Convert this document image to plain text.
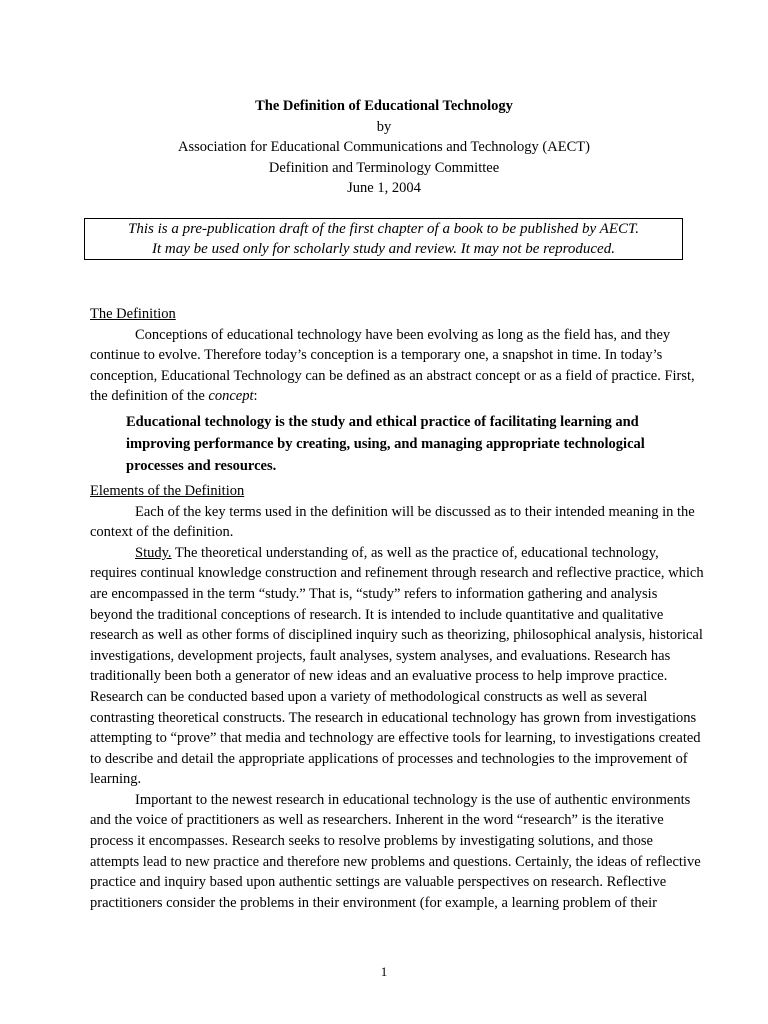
The Definition of Educational Technology
by
Association for Educational Communications and Technology (AECT)
Definition and Terminology Committee
June 1, 2004
This is a pre-publication draft of the first chapter of a book to be published by AECT.
It may be used only for scholarly study and review. It may not be reproduced.
The Definition

Conceptions of educational technology have been evolving as long as the field has, and they
continue to evolve. Therefore today’s conception is a temporary one, a snapshot in time. In today’s
conception, Educational Technology can be defined as an abstract concept or as a field of practice. First,
the definition of the concept:

Educational technology is the study and ethical practice of facilitating learning and
improving performance by creating, using, and managing appropriate technological
processes and resources.
Elements of the Definition

Each of the key terms used in the definition will be discussed as to their intended meaning in the
context of the definition.

Study. The theoretical understanding of, as well as the practice of, educational technology,
requires continual knowledge construction and refinement through research and reflective practice, which
are encompassed in the term “study.” That is, “study” refers to information gathering and analysis
beyond the traditional conceptions of research. It is intended to include quantitative and qualitative
research as well as other forms of disciplined inquiry such as theorizing, philosophical analysis, historical
investigations, development projects, fault analyses, system analyses, and evaluations. Research has
traditionally been both a generator of new ideas and an evaluative process to help improve practice.
Research can be conducted based upon a variety of methodological constructs as well as several
contrasting theoretical constructs. The research in educational technology has grown from investigations
attempting to “prove” that media and technology are effective tools for learning, to investigations created
to describe and detail the appropriate applications of processes and technologies to the improvement of
learning.

Important to the newest research in educational technology is the use of authentic environments
and the voice of practitioners as well as researchers. Inherent in the word “research” is the iterative
process it encompasses. Research seeks to resolve problems by investigating solutions, and those
attempts lead to new practice and therefore new problems and questions. Certainly, the ideas of reflective
practice and inquiry based upon authentic settings are valuable perspectives on research. Reflective
practitioners consider the problems in their environment (for example, a learning problem of their

1
